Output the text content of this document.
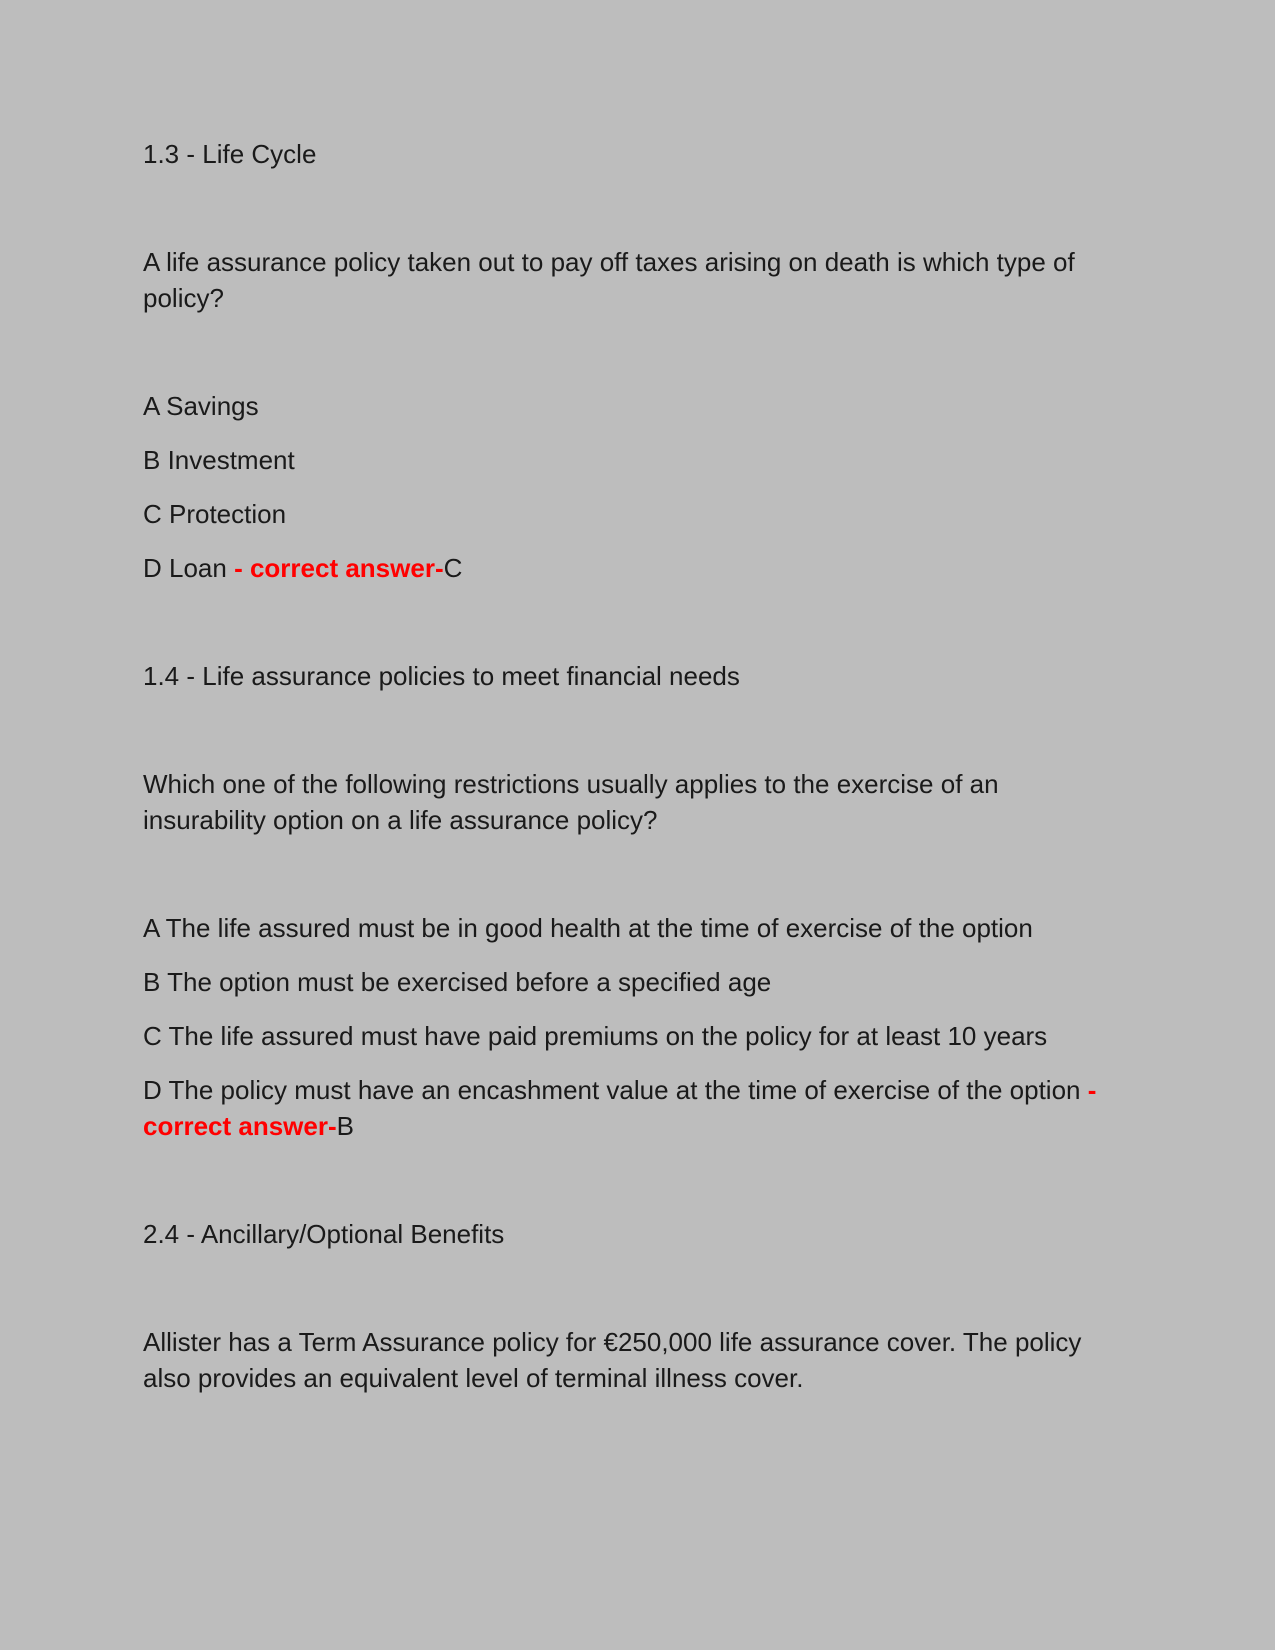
1.3 - Life Cycle

A life assurance policy taken out to pay off taxes arising on death is which type of policy?

A Savings

B Investment

C Protection

D Loan - correct answer-C

1.4 - Life assurance policies to meet financial needs

Which one of the following restrictions usually applies to the exercise of an insurability option on a life assurance policy?

A The life assured must be in good health at the time of exercise of the option

B The option must be exercised before a specified age

C The life assured must have paid premiums on the policy for at least 10 years

D The policy must have an encashment value at the time of exercise of the option - correct answer-B

2.4 - Ancillary/Optional Benefits

Allister has a Term Assurance policy for €250,000 life assurance cover. The policy also provides an equivalent level of terminal illness cover.
